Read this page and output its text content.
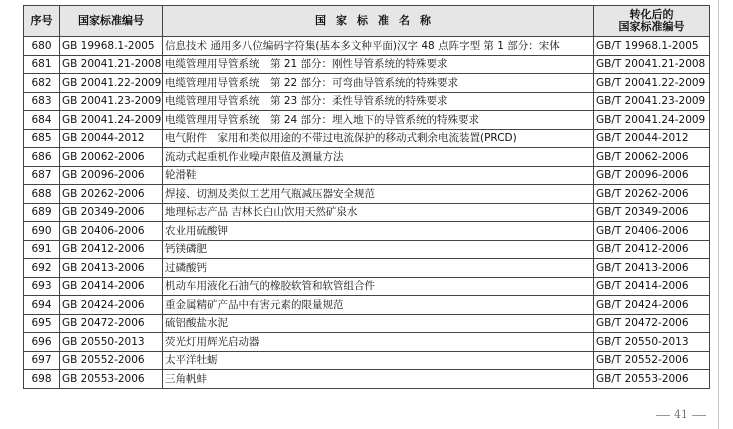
序号	国家标准编号	国家标准名称	转化后的
国家标准编号

680	GB 19968.1-2005	信息技术 通用多八位编码字符集(基本多文种平面)汉字 48 点阵字型 第 1 部分：宋体	GB/T 19968.1-2005
681	GB 20041.21-2008	电缆管理用导管系统　第 21 部分：刚性导管系统的特殊要求	GB/T 20041.21-2008
682	GB 20041.22-2009	电缆管理用导管系统　第 22 部分：可弯曲导管系统的特殊要求	GB/T 20041.22-2009
683	GB 20041.23-2009	电缆管理用导管系统　第 23 部分：柔性导管系统的特殊要求	GB/T 20041.23-2009
684	GB 20041.24-2009	电缆管理用导管系统　第 24 部分：埋入地下的导管系统的特殊要求	GB/T 20041.24-2009
685	GB 20044-2012	电气附件　家用和类似用途的不带过电流保护的移动式剩余电流装置(PRCD)	GB/T 20044-2012
686	GB 20062-2006	流动式起重机作业噪声限值及测量方法	GB/T 20062-2006
687	GB 20096-2006	轮滑鞋	GB/T 20096-2006
688	GB 20262-2006	焊接、切割及类似工艺用气瓶减压器安全规范	GB/T 20262-2006
689	GB 20349-2006	地理标志产品 吉林长白山饮用天然矿泉水	GB/T 20349-2006
690	GB 20406-2006	农业用硫酸钾	GB/T 20406-2006
691	GB 20412-2006	钙镁磷肥	GB/T 20412-2006
692	GB 20413-2006	过磷酸钙	GB/T 20413-2006
693	GB 20414-2006	机动车用液化石油气的橡胶软管和软管组合件	GB/T 20414-2006
694	GB 20424-2006	重金属精矿产品中有害元素的限量规范	GB/T 20424-2006
695	GB 20472-2006	硫铝酸盐水泥	GB/T 20472-2006
696	GB 20550-2013	荧光灯用辉光启动器	GB/T 20550-2013
697	GB 20552-2006	太平洋牡蛎	GB/T 20552-2006
698	GB 20553-2006	三角帆蚌	GB/T 20553-2006
41
